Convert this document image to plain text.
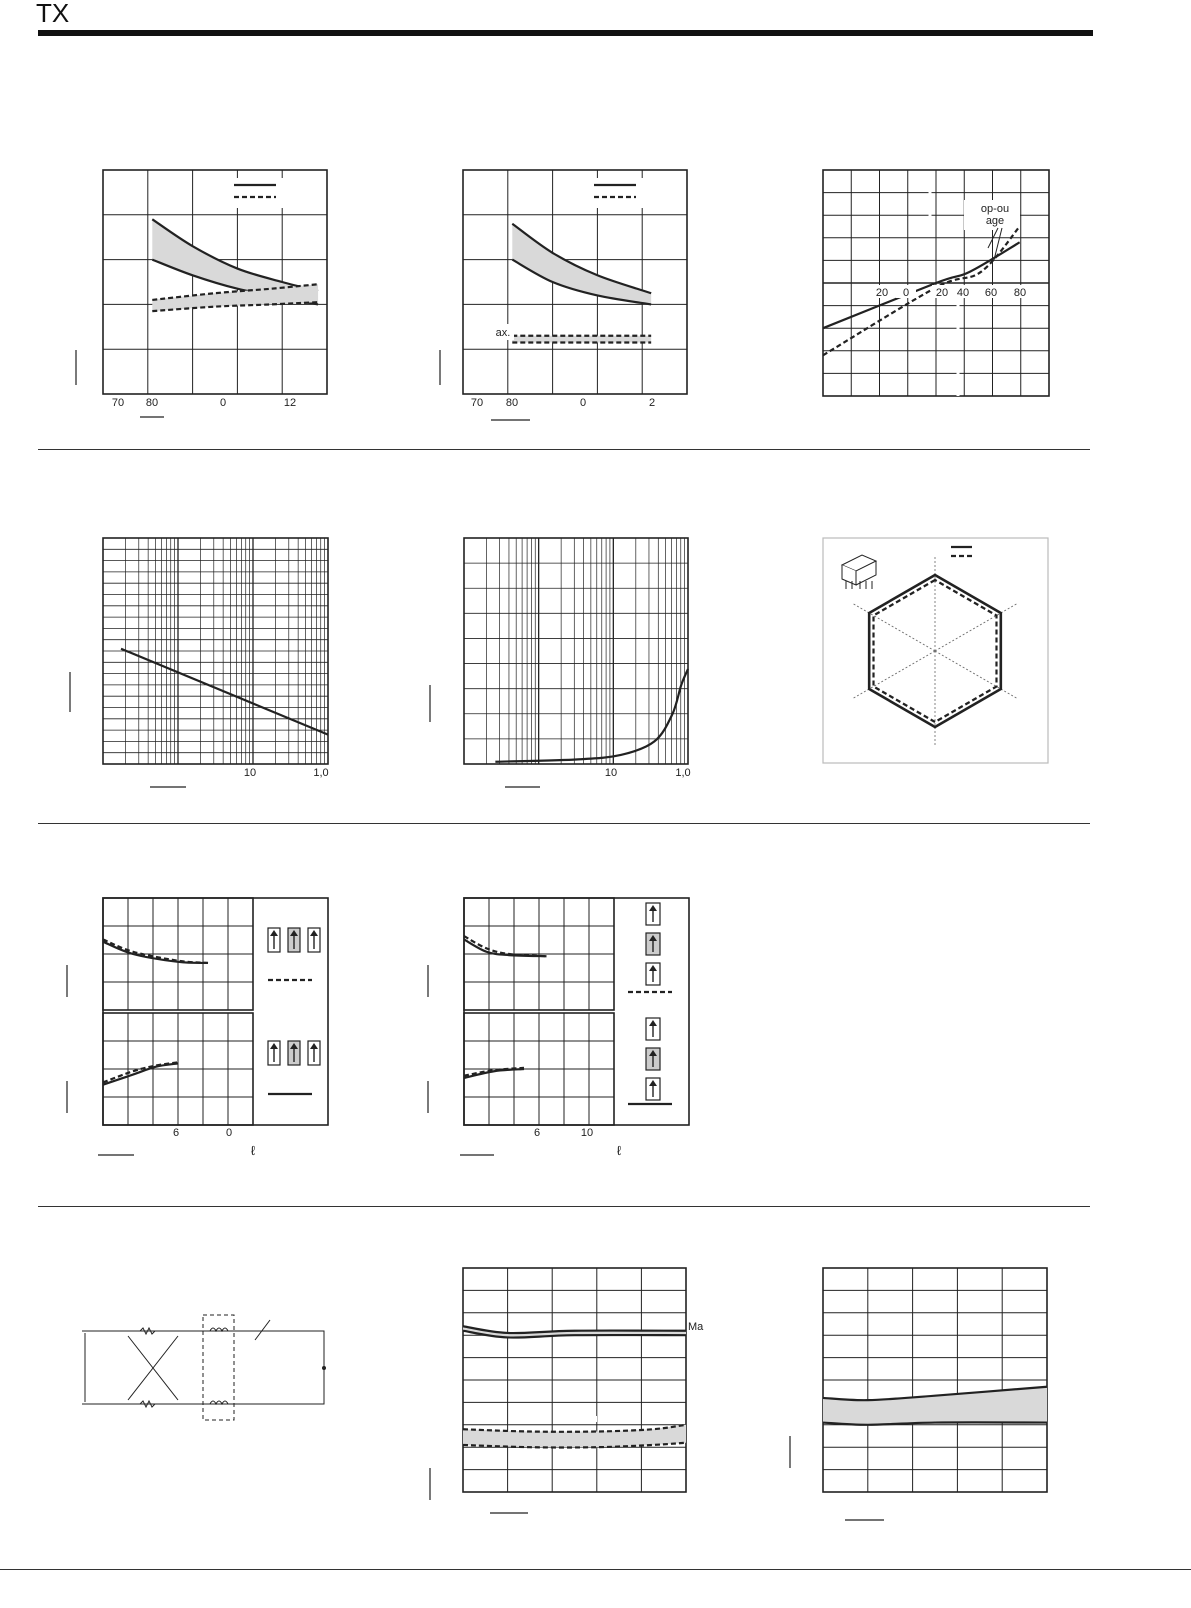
TX
70 80	0	12
ax.
70 80	0	2
op-ou
age
20 0 20 40 60 80
10	1,0	10	1,0
6	0
ℓ
6	10
ℓ
Ma
